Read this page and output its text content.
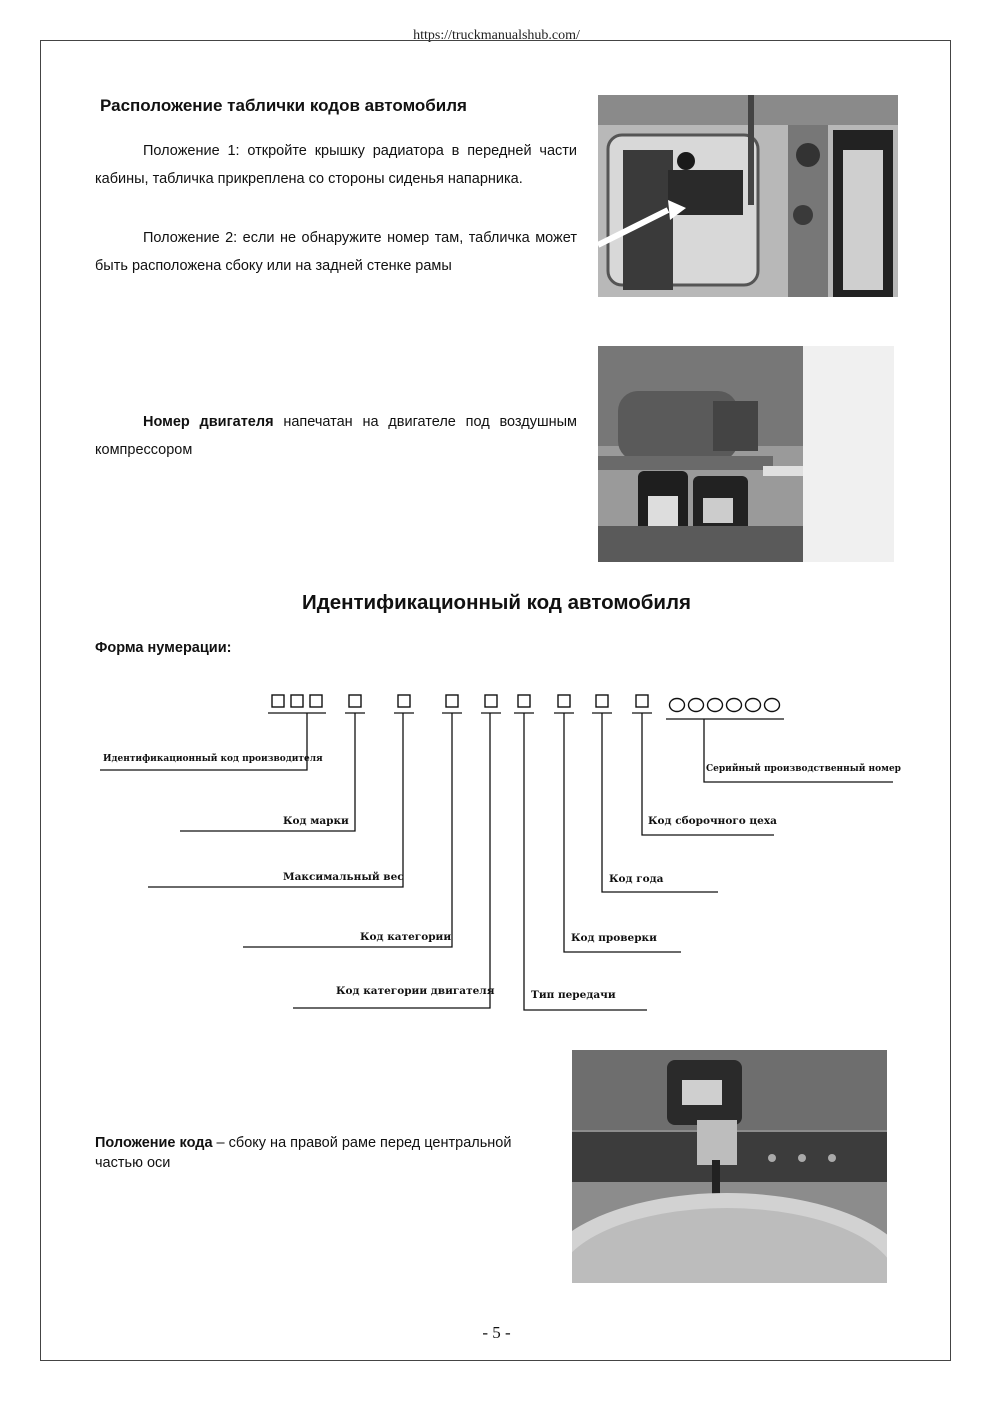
https://truckmanualshub.com/
Расположение таблички кодов автомобиля
Положение 1: откройте крышку радиатора в передней части кабины, табличка прикреплена со стороны сиденья напарника.
Положение 2: если не обнаружите номер там, табличка может быть расположена сбоку или на задней стенке рамы
Номер двигателя напечатан на двигателе под воздушным компрессором
Идентификационный код автомобиля
Форма нумерации:
Идентификационный код производителя
Код марки
Максимальный вес
Код категории
Код категории двигателя	Тип передачи
Код проверки
Код года
Код сборочного цеха
Серийный производственный номер
Положение кода – сбоку на правой раме перед центральной частью оси
- 5 -
